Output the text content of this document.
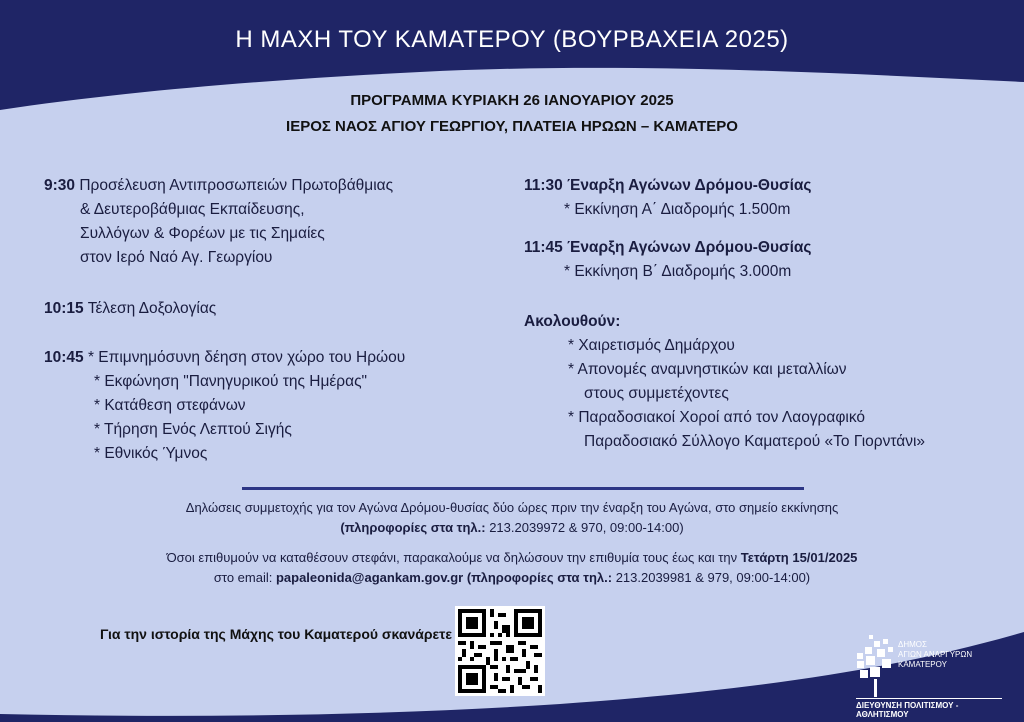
Η ΜΑΧΗ ΤΟΥ ΚΑΜΑΤΕΡΟΥ (ΒΟΥΡΒΑΧΕΙΑ 2025)
ΠΡΟΓΡΑΜΜΑ ΚΥΡΙΑΚΗ 26 ΙΑΝΟΥΑΡΙΟΥ 2025
ΙΕΡΟΣ ΝΑΟΣ ΑΓΙΟΥ ΓΕΩΡΓΙΟΥ, ΠΛΑΤΕΙΑ ΗΡΩΩΝ – ΚΑΜΑΤΕΡΟ
9:30 Προσέλευση Αντιπροσωπειών Πρωτοβάθμιας
& Δευτεροβάθμιας Εκπαίδευσης,
Συλλόγων & Φορέων με τις Σημαίες
στον Ιερό Ναό Αγ. Γεωργίου
10:15 Τέλεση Δοξολογίας
10:45 * Επιμνημόσυνη δέηση στον χώρο του Ηρώου
* Εκφώνηση "Πανηγυρικού της Ημέρας"
* Κατάθεση στεφάνων
* Τήρηση Ενός Λεπτού Σιγής
* Εθνικός Ύμνος
11:30 Έναρξη Αγώνων Δρόμου-Θυσίας
* Εκκίνηση Α΄ Διαδρομής 1.500m
11:45 Έναρξη Αγώνων Δρόμου-Θυσίας
* Εκκίνηση Β΄ Διαδρομής 3.000m
Ακολουθούν:
* Χαιρετισμός Δημάρχου
* Απονομές αναμνηστικών και μεταλλίων
στους συμμετέχοντες
* Παραδοσιακοί Χοροί από τον Λαογραφικό
Παραδοσιακό Σύλλογο Καματερού «Το Γιορντάνι»
Δηλώσεις συμμετοχής για τον Αγώνα Δρόμου-θυσίας δύο ώρες πριν την έναρξη του Αγώνα, στο σημείο εκκίνησης
(πληροφορίες στα τηλ.: 213.2039972 & 970, 09:00-14:00)
Όσοι επιθυμούν να καταθέσουν στεφάνι, παρακαλούμε να δηλώσουν την επιθυμία τους έως και την Τετάρτη 15/01/2025
στο email: papaleonida@agankam.gov.gr (πληροφορίες στα τηλ.: 213.2039981 & 979, 09:00-14:00)
Για την ιστορία της Μάχης του Καματερού σκανάρετε
ΔΗΜΟΣ
ΑΓΙΩΝ ΑΝΑΡΓΥΡΩΝ
ΚΑΜΑΤΕΡΟΥ
ΔΙΕΥΘΥΝΣΗ ΠΟΛΙΤΙΣΜΟΥ - ΑΘΛΗΤΙΣΜΟΥ
